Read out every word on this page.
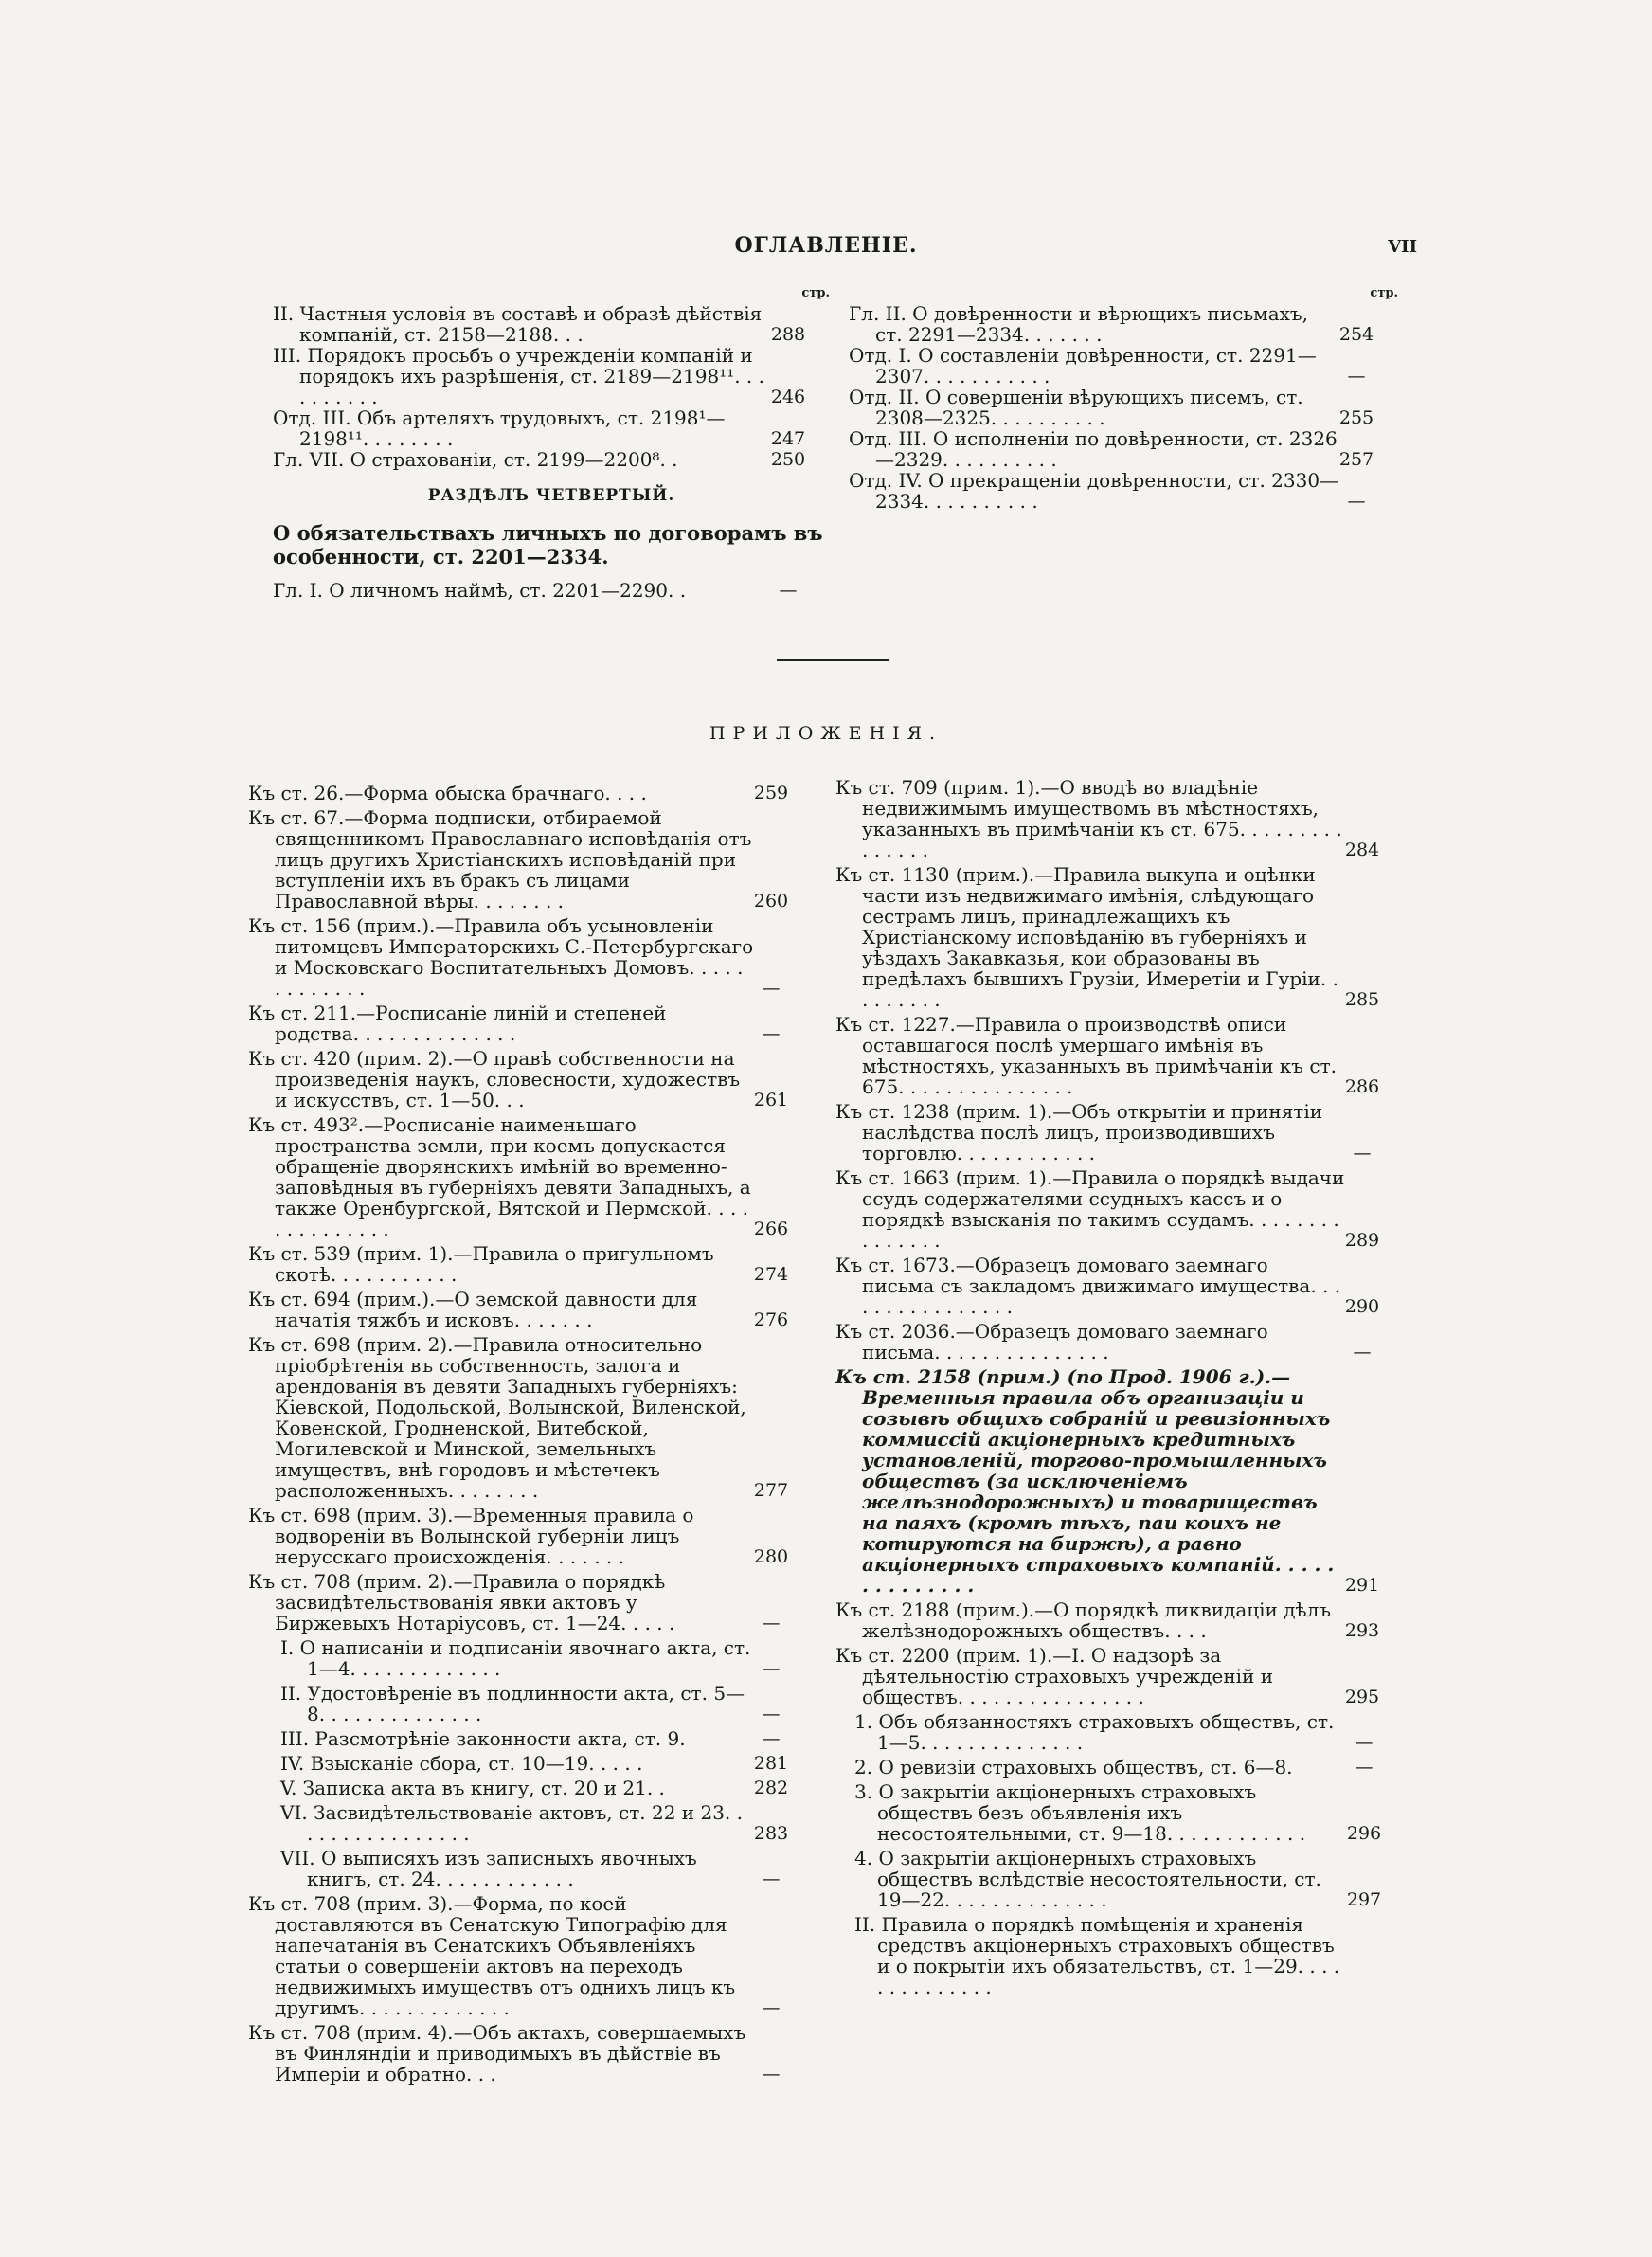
ОГЛАВЛЕНІЕ.	VII
стр.
II. Частныя условія въ составѣ и образѣ дѣйствія компаній, ст. 2158—2188. . .	288
III. Порядокъ просьбъ о учрежденіи компаній и порядокъ ихъ разрѣшенія, ст. 2189—2198¹¹. . . . . . . . . .	246
Отд. III. Объ артеляхъ трудовыхъ, ст. 2198¹—2198¹¹. . . . . . . .	247
Гл. VII. О страхованіи, ст. 2199—2200⁸. .	250
РАЗДѢЛЪ ЧЕТВЕРТЫЙ.
О обязательствахъ личныхъ по договорамъ въ особенности, ст. 2201—2334.
Гл. I. О личномъ наймѣ, ст. 2201—2290. .	—
стр.
Гл. II. О довѣренности и вѣрющихъ письмахъ, ст. 2291—2334. . . . . . .	254
Отд. I. О составленіи довѣренности, ст. 2291—2307. . . . . . . . . . .	—
Отд. II. О совершеніи вѣрующихъ писемъ, ст. 2308—2325. . . . . . . . . .	255
Отд. III. О исполненіи по довѣренности, ст. 2326—2329. . . . . . . . . .	257
Отд. IV. О прекращеніи довѣренности, ст. 2330—2334. . . . . . . . . .	—
ПРИЛОЖЕНІЯ.
Къ ст. 26.—Форма обыска брачнаго. . . .	259
Къ ст. 67.—Форма подписки, отбираемой священникомъ Православнаго исповѣданія отъ лицъ другихъ Христіанскихъ исповѣданій при вступленіи ихъ въ бракъ съ лицами Православной вѣры. . . . . . . .	260
Къ ст. 156 (прим.).—Правила объ усыновленіи питомцевъ Императорскихъ С.-Петербургскаго и Московскаго Воспитательныхъ Домовъ. . . . . . . . . . . . .	—
Къ ст. 211.—Росписаніе линій и степеней родства. . . . . . . . . . . . . .	—
Къ ст. 420 (прим. 2).—О правѣ собственности на произведенія наукъ, словесности, художествъ и искусствъ, ст. 1—50. . .	261
Къ ст. 493².—Росписаніе наименьшаго пространства земли, при коемъ допускается обращеніе дворянскихъ имѣній во временно-заповѣдныя въ губерніяхъ девяти Западныхъ, а также Оренбургской, Вятской и Пермской. . . . . . . . . . . . . .	266
Къ ст. 539 (прим. 1).—Правила о пригульномъ скотѣ. . . . . . . . . . .	274
Къ ст. 694 (прим.).—О земской давности для начатія тяжбъ и исковъ. . . . . . .	276
Къ ст. 698 (прим. 2).—Правила относительно пріобрѣтенія въ собственность, залога и арендованія въ девяти Западныхъ губерніяхъ: Кіевской, Подольской, Волынской, Виленской, Ковенской, Гродненской, Витебской, Могилевской и Минской, земельныхъ имуществъ, внѣ городовъ и мѣстечекъ расположенныхъ. . . . . . . .	277
Къ ст. 698 (прим. 3).—Временныя правила о водвореніи въ Волынской губерніи лицъ нерусскаго происхожденія. . . . . . .	280
Къ ст. 708 (прим. 2).—Правила о порядкѣ засвидѣтельствованія явки актовъ у Биржевыхъ Нотаріусовъ, ст. 1—24. . . . .	—
I. О написаніи и подписаніи явочнаго акта, ст. 1—4. . . . . . . . . . . . .	—
II. Удостовѣреніе въ подлинности акта, ст. 5—8. . . . . . . . . . . . . .	—
III. Разсмотрѣніе законности акта, ст. 9.	—
IV. Взысканіе сбора, ст. 10—19. . . . .	281
V. Записка акта въ книгу, ст. 20 и 21. .	282
VI. Засвидѣтельствованіе актовъ, ст. 22 и 23. . . . . . . . . . . . . . . .	283
VII. О выписяхъ изъ записныхъ явочныхъ книгъ, ст. 24. . . . . . . . . . . .	—
Къ ст. 708 (прим. 3).—Форма, по коей доставляются въ Сенатскую Типографію для напечатанія въ Сенатскихъ Объявленіяхъ статьи о совершеніи актовъ на переходъ недвижимыхъ имуществъ отъ однихъ лицъ къ другимъ. . . . . . . . . . . . .	—
Къ ст. 708 (прим. 4).—Объ актахъ, совершаемыхъ въ Финляндіи и приводимыхъ въ дѣйствіе въ Имперіи и обратно. . .	—
Къ ст. 709 (прим. 1).—О вводѣ во владѣніе недвижимымъ имуществомъ въ мѣстностяхъ, указанныхъ въ примѣчаніи къ ст. 675. . . . . . . . . . . . . . .	284
Къ ст. 1130 (прим.).—Правила выкупа и оцѣнки части изъ недвижимаго имѣнія, слѣдующаго сестрамъ лицъ, принадлежащихъ къ Христіанскому исповѣданію въ губерніяхъ и уѣздахъ Закавказья, кои образованы въ предѣлахъ бывшихъ Грузіи, Имеретіи и Гуріи. . . . . . . . .	285
Къ ст. 1227.—Правила о производствѣ описи оставшагося послѣ умершаго имѣнія въ мѣстностяхъ, указанныхъ въ примѣчаніи къ ст. 675. . . . . . . . . . . . . . .	286
Къ ст. 1238 (прим. 1).—Объ открытіи и принятіи наслѣдства послѣ лицъ, производившихъ торговлю. . . . . . . . . . . .	—
Къ ст. 1663 (прим. 1).—Правила о порядкѣ выдачи ссудъ содержателями ссудныхъ кассъ и о порядкѣ взысканія по такимъ ссудамъ. . . . . . . . . . . . . . .	289
Къ ст. 1673.—Образецъ домоваго заемнаго письма съ закладомъ движимаго имущества. . . . . . . . . . . . . . . .	290
Къ ст. 2036.—Образецъ домоваго заемнаго письма. . . . . . . . . . . . . . .	—
Къ ст. 2158 (прим.) (по Прод. 1906 г.).—Временныя правила объ организаціи и созывѣ общихъ собраній и ревизіонныхъ коммиссій акціонерныхъ кредитныхъ установленій, торгово-промышленныхъ обществъ (за исключеніемъ желѣзнодорожныхъ) и товариществъ на паяхъ (кромѣ тѣхъ, паи коихъ не котируются на биржѣ), а равно акціонерныхъ страховыхъ компаній. . . . . . . . . . . . . .	291
Къ ст. 2188 (прим.).—О порядкѣ ликвидаціи дѣлъ желѣзнодорожныхъ обществъ. . . .	293
Къ ст. 2200 (прим. 1).—I. О надзорѣ за дѣятельностію страховыхъ учрежденій и обществъ. . . . . . . . . . . . . . . .	295
1. Объ обязанностяхъ страховыхъ обществъ, ст. 1—5. . . . . . . . . . . . . .	—
2. О ревизіи страховыхъ обществъ, ст. 6—8.	—
3. О закрытіи акціонерныхъ страховыхъ обществъ безъ объявленія ихъ несостоятельными, ст. 9—18. . . . . . . . . . . .	296
4. О закрытіи акціонерныхъ страховыхъ обществъ вслѣдствіе несостоятельности, ст. 19—22. . . . . . . . . . . . . .	297
II. Правила о порядкѣ помѣщенія и храненія средствъ акціонерныхъ страховыхъ обществъ и о покрытіи ихъ обязательствъ, ст. 1—29. . . . . . . . . . . . . .
